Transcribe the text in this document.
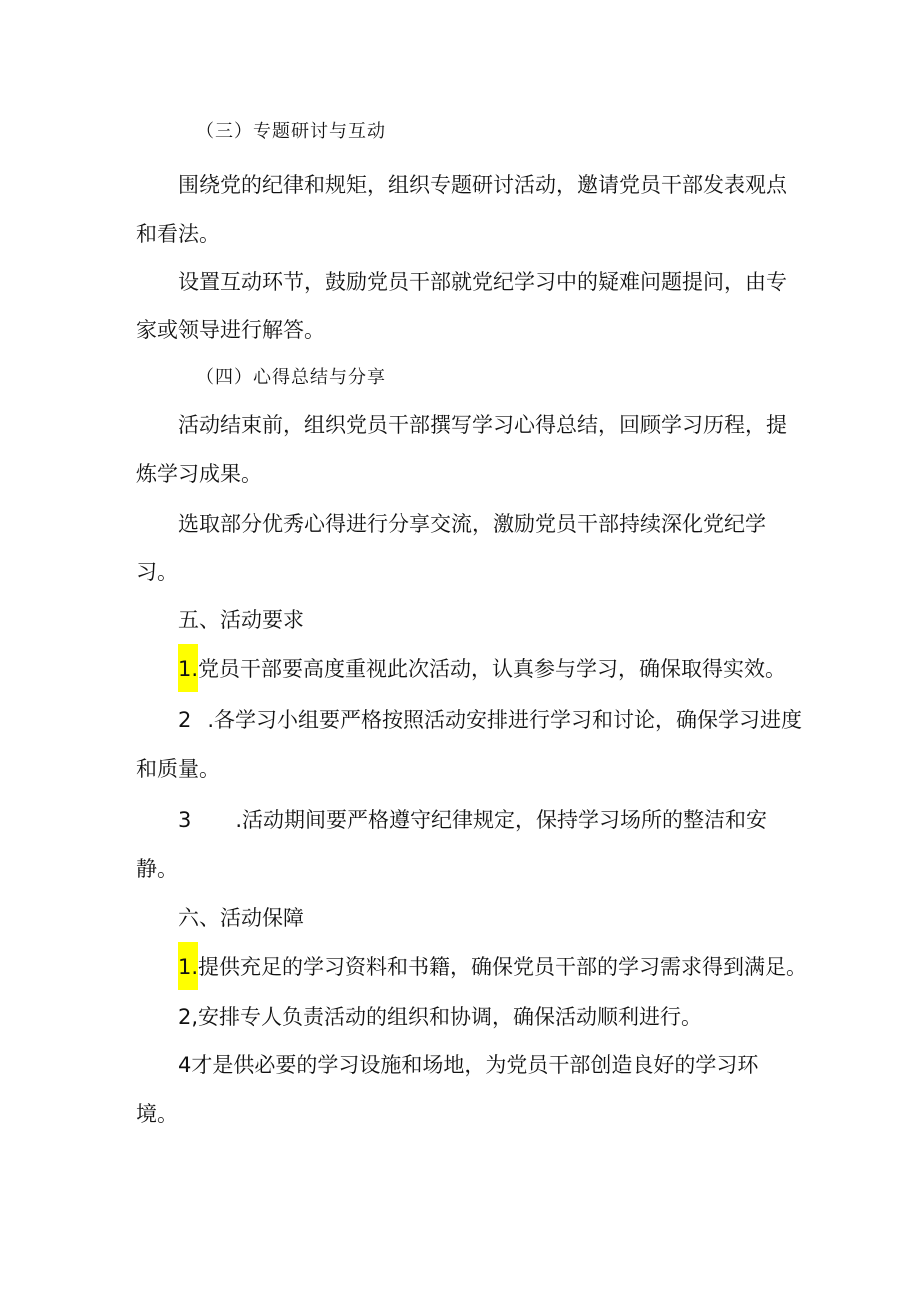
（三）专题研讨与互动
围绕党的纪律和规矩，组织专题研讨活动，邀请党员干部发表观点
和看法。
设置互动环节，鼓励党员干部就党纪学习中的疑难问题提问，由专
家或领导进行解答。
（四）心得总结与分享
活动结束前，组织党员干部撰写学习心得总结，回顾学习历程，提
炼学习成果。
选取部分优秀心得进行分享交流，激励党员干部持续深化党纪学
习。
五、活动要求
1.党员干部要高度重视此次活动，认真参与学习，确保取得实效。
2 .各学习小组要严格按照活动安排进行学习和讨论，确保学习进度
和质量。
3 .活动期间要严格遵守纪律规定，保持学习场所的整洁和安
静。
六、活动保障
1.提供充足的学习资料和书籍，确保党员干部的学习需求得到满足。
2,安排专人负责活动的组织和协调，确保活动顺利进行。
4才是供必要的学习设施和场地，为党员干部创造良好的学习环
境。
